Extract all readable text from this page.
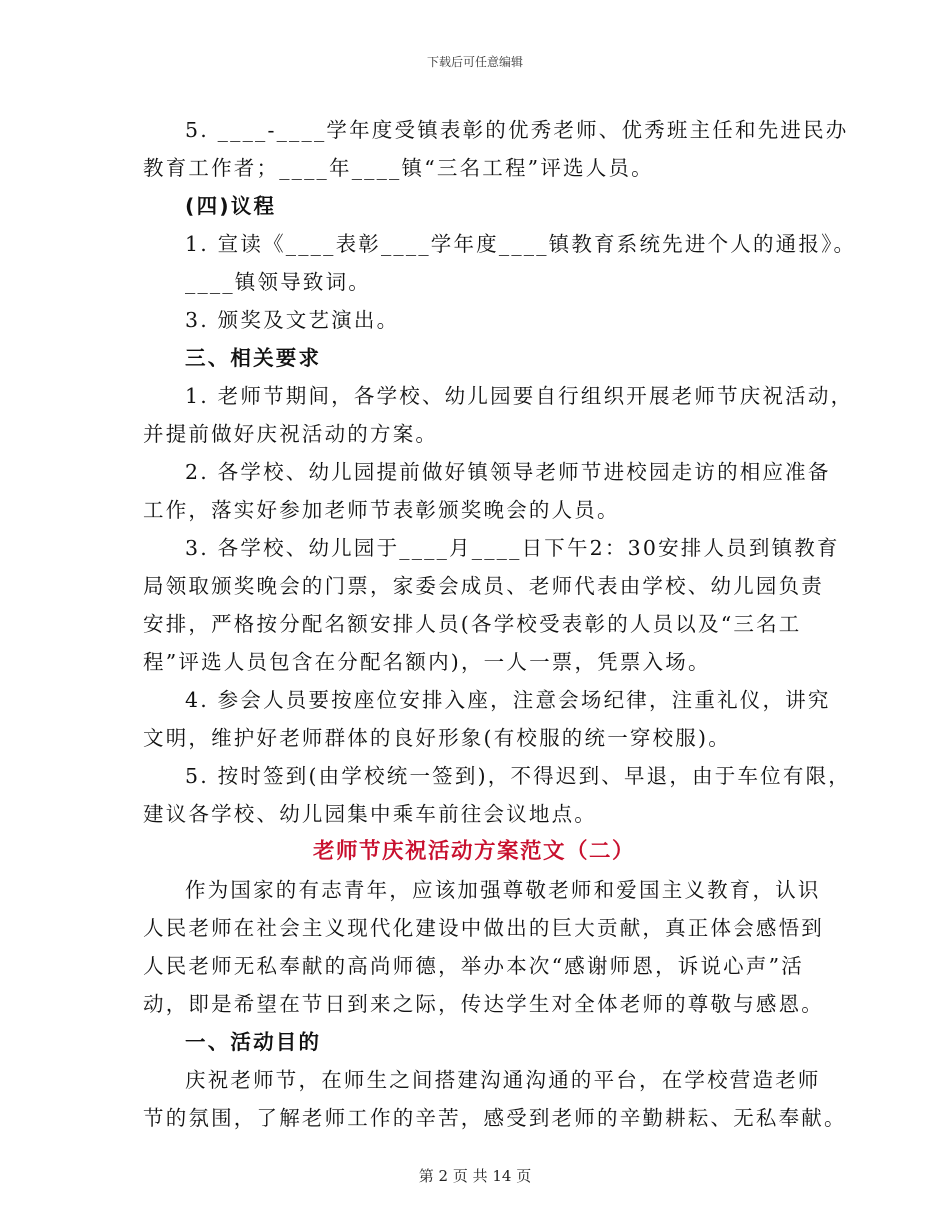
下载后可任意编辑
5. ____-____学年度受镇表彰的优秀老师、优秀班主任和先进民办
教育工作者；____年____镇“三名工程”评选人员。
(四)议程
1. 宣读《____表彰____学年度____镇教育系统先进个人的通报》。
____镇领导致词。
3. 颁奖及文艺演出。
三、相关要求
1. 老师节期间，各学校、幼儿园要自行组织开展老师节庆祝活动，
并提前做好庆祝活动的方案。
2. 各学校、幼儿园提前做好镇领导老师节进校园走访的相应准备
工作，落实好参加老师节表彰颁奖晚会的人员。
3. 各学校、幼儿园于____月____日下午2：30安排人员到镇教育
局领取颁奖晚会的门票，家委会成员、老师代表由学校、幼儿园负责
安排，严格按分配名额安排人员(各学校受表彰的人员以及“三名工
程”评选人员包含在分配名额内)，一人一票，凭票入场。
4. 参会人员要按座位安排入座，注意会场纪律，注重礼仪，讲究
文明，维护好老师群体的良好形象(有校服的统一穿校服)。
5. 按时签到(由学校统一签到)，不得迟到、早退，由于车位有限，
建议各学校、幼儿园集中乘车前往会议地点。
老师节庆祝活动方案范文（二）
作为国家的有志青年，应该加强尊敬老师和爱国主义教育，认识
人民老师在社会主义现代化建设中做出的巨大贡献，真正体会感悟到
人民老师无私奉献的高尚师德，举办本次“感谢师恩，诉说心声”活
动，即是希望在节日到来之际，传达学生对全体老师的尊敬与感恩。
一、活动目的
庆祝老师节，在师生之间搭建沟通沟通的平台，在学校营造老师
节的氛围，了解老师工作的辛苦，感受到老师的辛勤耕耘、无私奉献。
第 2 页 共 14 页
